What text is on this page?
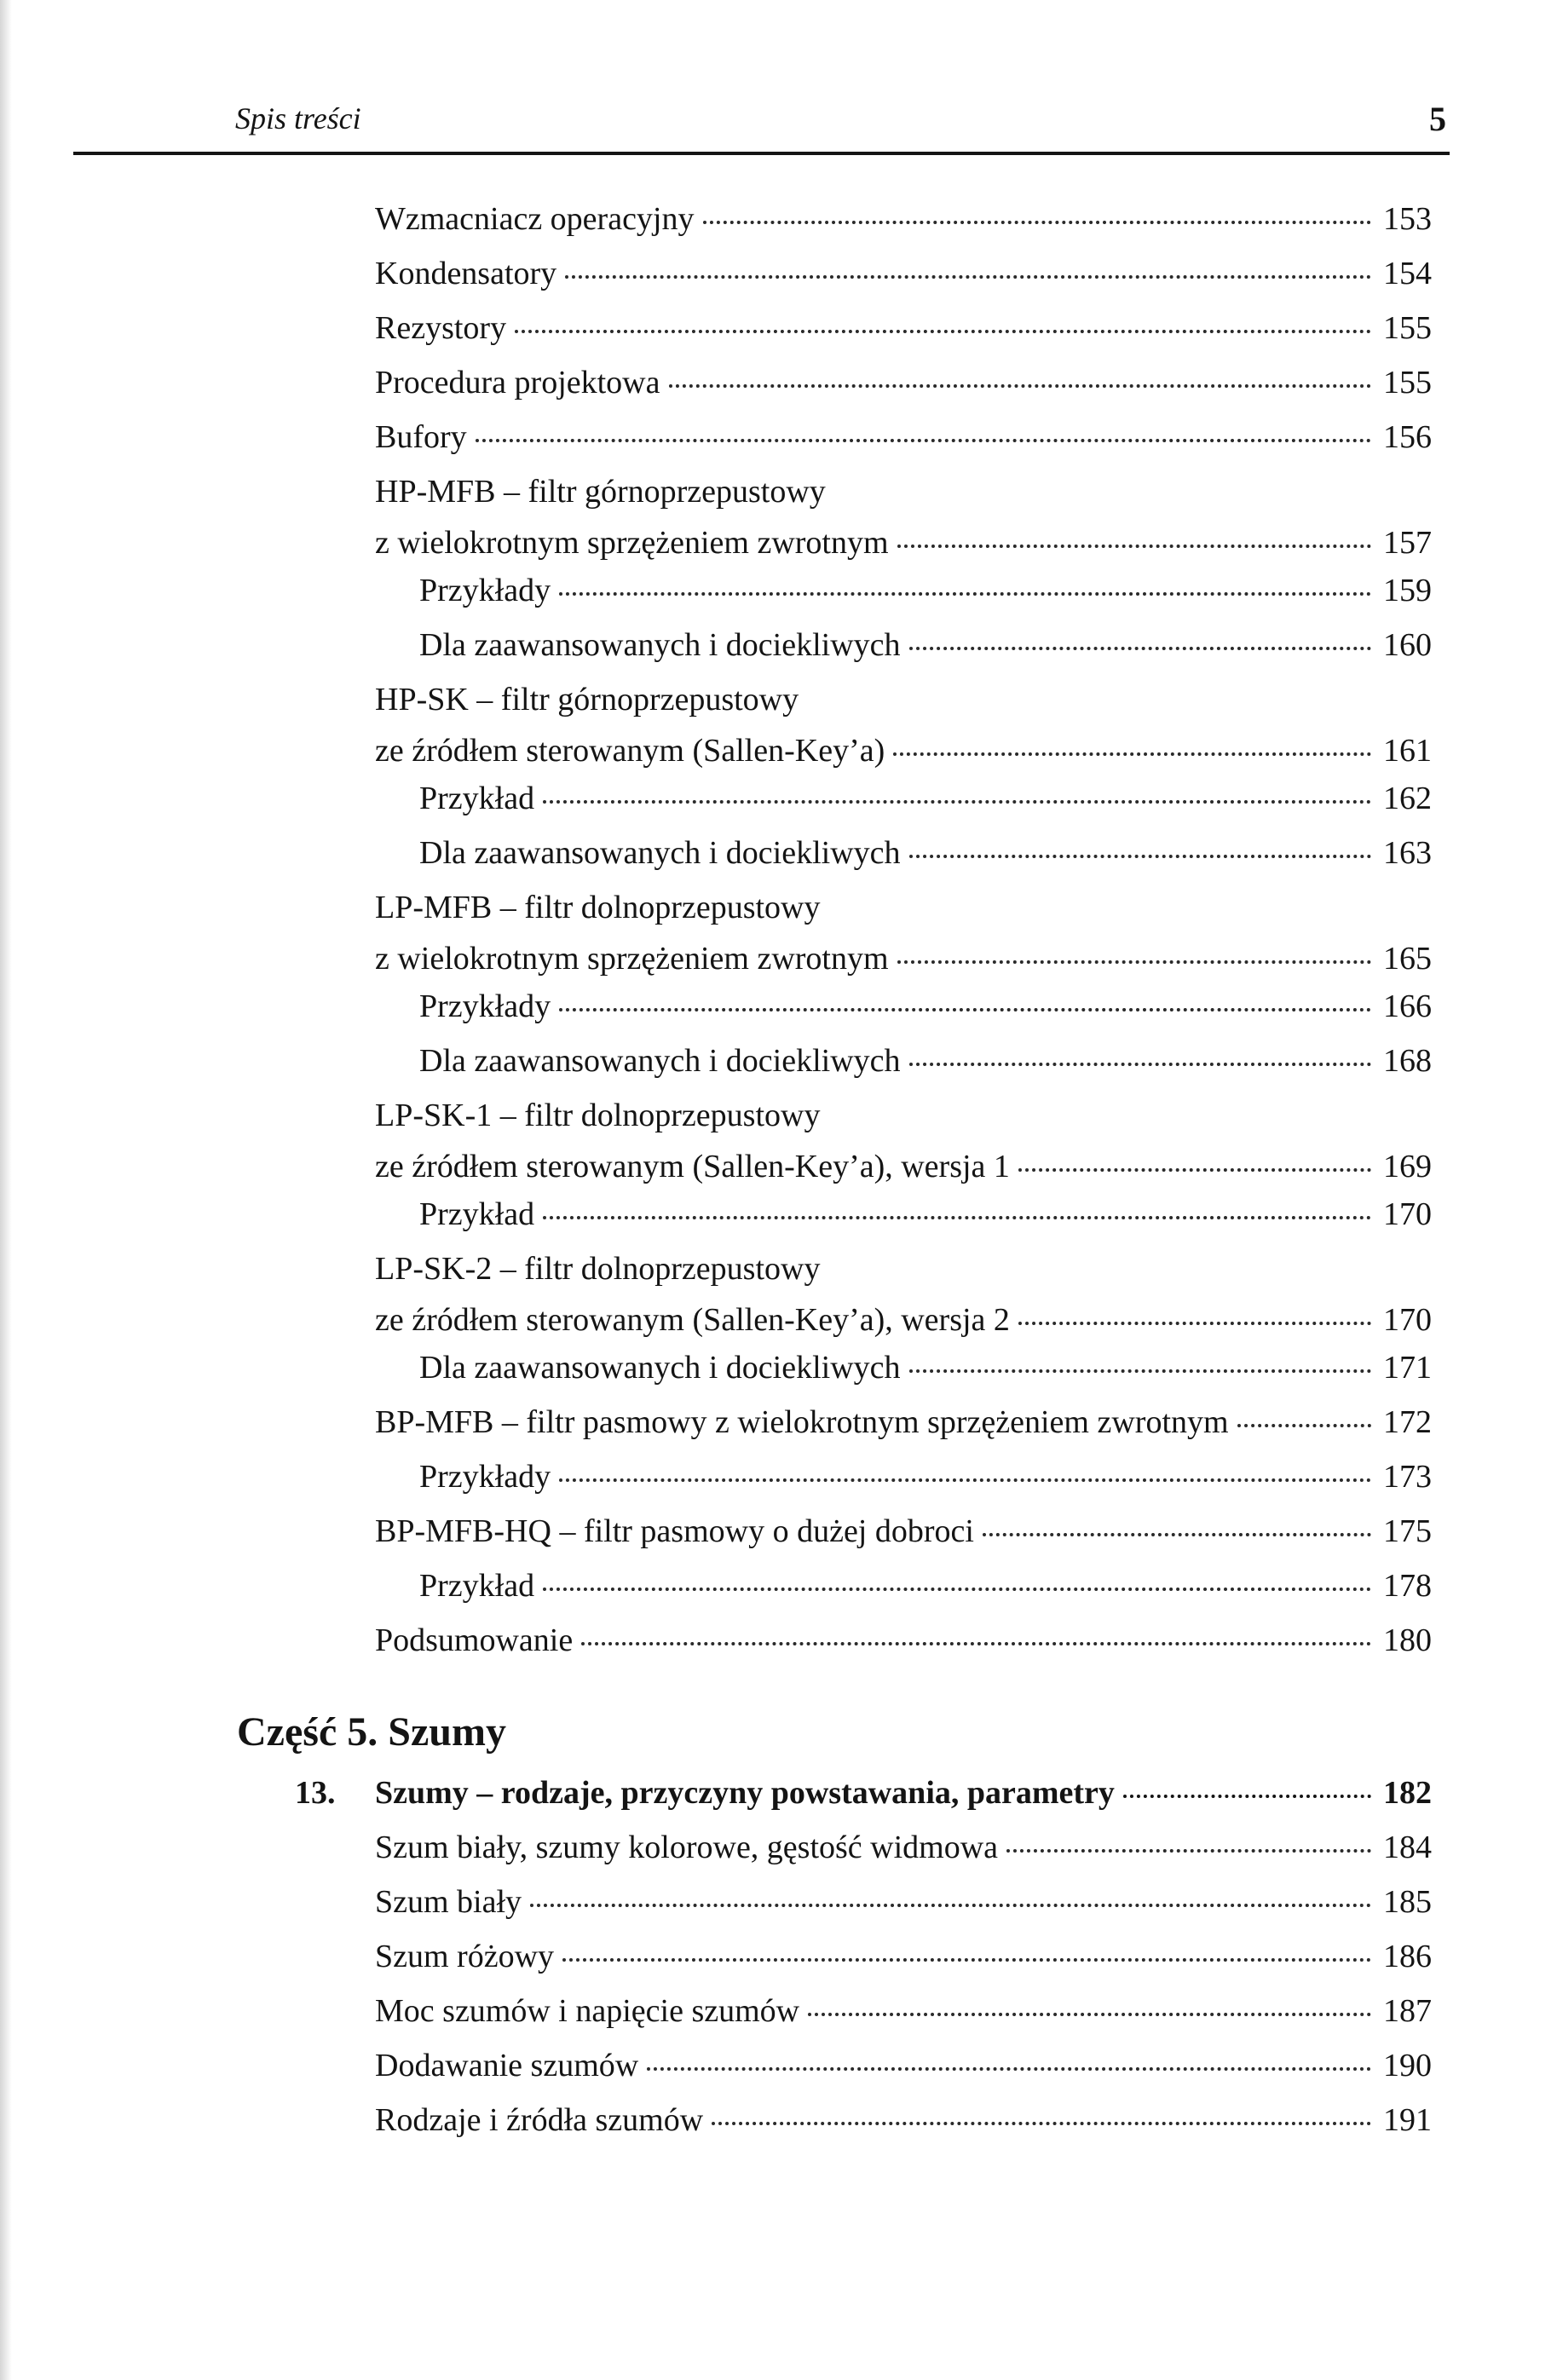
Spis treści	5
Wzmacniacz operacyjny	153
Kondensatory	154
Rezystory	155
Procedura projektowa	155
Bufory	156
HP-MFB – filtr górnoprzepustowy
z wielokrotnym sprzężeniem zwrotnym	157
Przykłady	159
Dla zaawansowanych i dociekliwych	160
HP-SK – filtr górnoprzepustowy
ze źródłem sterowanym (Sallen-Key’a)	161
Przykład	162
Dla zaawansowanych i dociekliwych	163
LP-MFB – filtr dolnoprzepustowy
z wielokrotnym sprzężeniem zwrotnym	165
Przykłady	166
Dla zaawansowanych i dociekliwych	168
LP-SK-1 – filtr dolnoprzepustowy
ze źródłem sterowanym (Sallen-Key’a), wersja 1	169
Przykład	170
LP-SK-2 – filtr dolnoprzepustowy
ze źródłem sterowanym (Sallen-Key’a), wersja 2	170
Dla zaawansowanych i dociekliwych	171
BP-MFB – filtr pasmowy z wielokrotnym sprzężeniem zwrotnym	172
Przykłady	173
BP-MFB-HQ – filtr pasmowy o dużej dobroci	175
Przykład	178
Podsumowanie	180
Część 5. Szumy
13. Szumy – rodzaje, przyczyny powstawania, parametry	182
Szum biały, szumy kolorowe, gęstość widmowa	184
Szum biały	185
Szum różowy	186
Moc szumów i napięcie szumów	187
Dodawanie szumów	190
Rodzaje i źródła szumów	191
